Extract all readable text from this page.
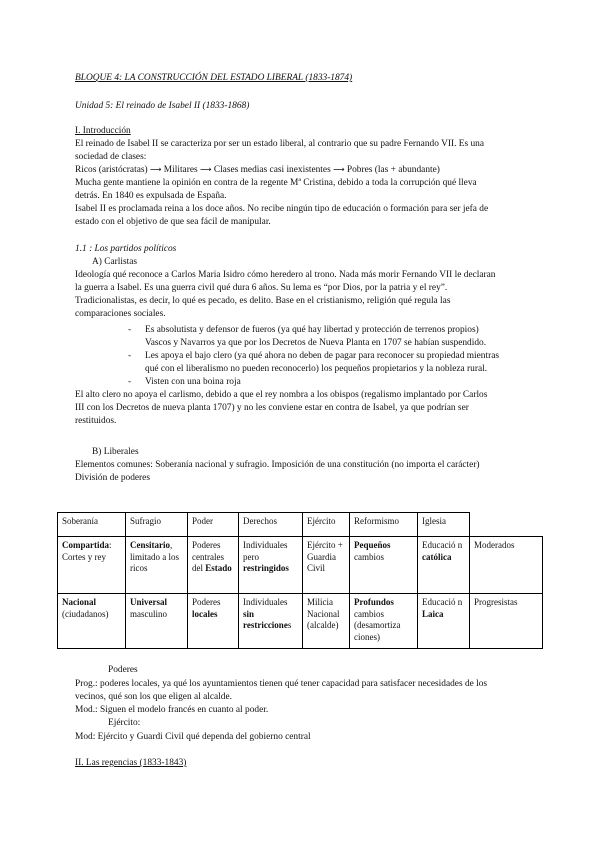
BLOQUE 4: LA CONSTRUCCIÓN DEL ESTADO LIBERAL (1833-1874)
Unidad 5: El reinado de Isabel II (1833-1868)
I. Introducción
El reinado de Isabel II se caracteriza por ser un estado liberal, al contrario que su padre Fernando VII. Es una
sociedad de clases:
Ricos (aristócratas) ⟶ Militares ⟶ Clases medias casi inexistentes ⟶ Pobres (las + abundante)
Mucha gente mantiene la opinión en contra de la regente Mª Cristina, debido a toda la corrupción qué lleva
detrás. En 1840 es expulsada de España.
Isabel II es proclamada reina a los doce años. No recibe ningún tipo de educación o formación para ser jefa de
estado con el objetivo de que sea fácil de manipular.
1.1 : Los partidos políticos
A) Carlistas
Ideología qué reconoce a Carlos Maria Isidro cómo heredero al trono. Nada más morir Fernando VII le declaran
la guerra a Isabel. Es una guerra civil qué dura 6 años. Su lema es “por Dios, por la patria y el rey”.
Tradicionalistas, es decir, lo qué es pecado, es delito. Base en el cristianismo, religión qué regula las
comparaciones sociales.
- Es absolutista y defensor de fueros (ya qué hay libertad y protección de terrenos propios)
Vascos y Navarros ya que por los Decretos de Nueva Planta en 1707 se habían suspendido.
- Les apoya el bajo clero (ya qué ahora no deben de pagar para reconocer su propiedad mientras
qué con el liberalismo no pueden reconocerlo) los pequeños propietarios y la nobleza rural.
- Visten con una boina roja
El alto clero no apoya el carlismo, debido a que el rey nombra a los obispos (regalismo implantado por Carlos
III con los Decretos de nueva planta 1707) y no les conviene estar en contra de Isabel, ya que podrían ser
restituidos.
B) Liberales
Elementos comunes: Soberanía nacional y sufragio. Imposición de una constitución (no importa el carácter)
División de poderes
Soberanía	Sufragio	Poder	Derechos	Ejército	Reformismo	Iglesia	
Compartida: Cortes y rey	Censitario, limitado a los ricos	Poderes centrales del Estado	Individuales pero restringidos	Ejército + Guardia Civil	Pequeños cambios	Educació n católica	Moderados
Nacional (ciudadanos)	Universal masculino	Poderes locales	Individuales sin restricciones	Milicia Nacional (alcalde)	Profundos cambios (desamortiza ciones)	Educació n Laica	Progresistas
Poderes
Prog.: poderes locales, ya qué los ayuntamientos tienen qué tener capacidad para satisfacer necesidades de los
vecinos, qué son los que eligen al alcalde.
Mod.: Siguen el modelo francés en cuanto al poder.
Ejército:
Mod: Ejército y Guardi Civil qué dependa del gobierno central
II. Las regencias (1833-1843)
